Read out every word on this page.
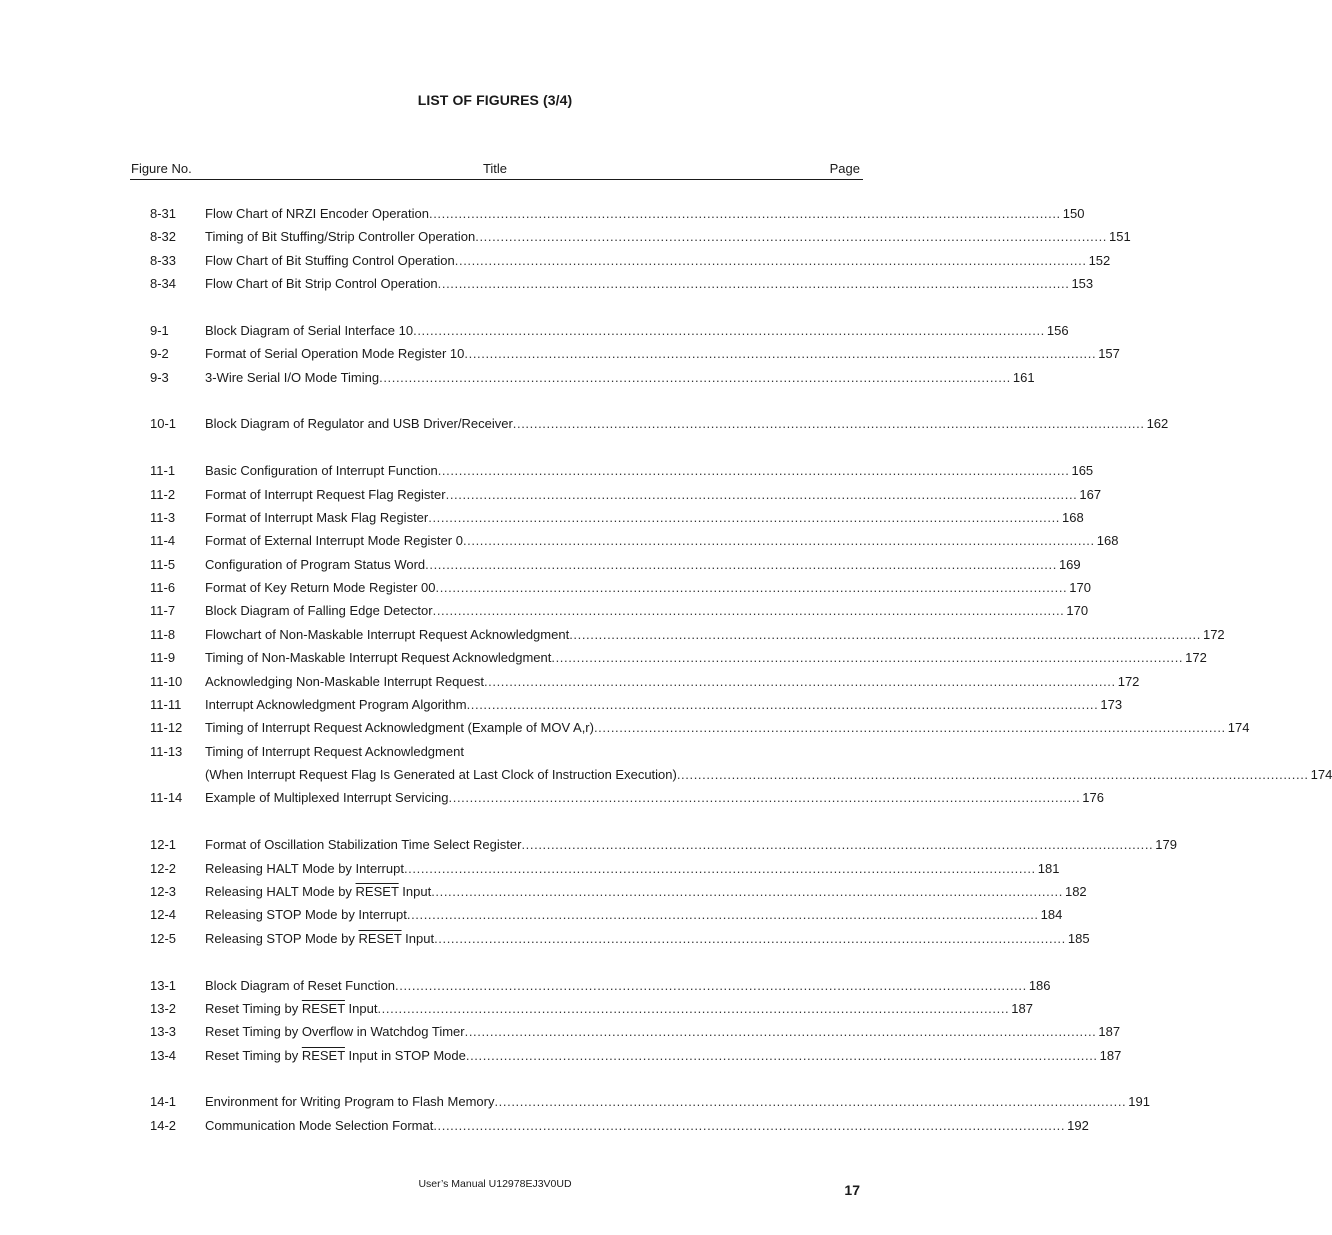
LIST OF FIGURES (3/4)
Figure No.	Title	Page
8-31 Flow Chart of NRZI Encoder Operation ...................................................................................................................................................... 150
8-32 Timing of Bit Stuffing/Strip Controller Operation ...................................................................................................................................................... 151
8-33 Flow Chart of Bit Stuffing Control Operation ...................................................................................................................................................... 152
8-34 Flow Chart of Bit Strip Control Operation ...................................................................................................................................................... 153
9-1	Block Diagram of Serial Interface 10 ...................................................................................................................................................... 156
9-2	Format of Serial Operation Mode Register 10 ...................................................................................................................................................... 157
9-3	3-Wire Serial I/O Mode Timing ...................................................................................................................................................... 161
10-1 Block Diagram of Regulator and USB Driver/Receiver ...................................................................................................................................................... 162
11-1 Basic Configuration of Interrupt Function ...................................................................................................................................................... 165
11-2 Format of Interrupt Request Flag Register ...................................................................................................................................................... 167
11-3 Format of Interrupt Mask Flag Register ...................................................................................................................................................... 168
11-4 Format of External Interrupt Mode Register 0 ...................................................................................................................................................... 168
11-5 Configuration of Program Status Word ...................................................................................................................................................... 169
11-6 Format of Key Return Mode Register 00 ...................................................................................................................................................... 170
11-7 Block Diagram of Falling Edge Detector ...................................................................................................................................................... 170
11-8 Flowchart of Non-Maskable Interrupt Request Acknowledgment ...................................................................................................................................................... 172
11-9 Timing of Non-Maskable Interrupt Request Acknowledgment ...................................................................................................................................................... 172
11-10 Acknowledging Non-Maskable Interrupt Request ...................................................................................................................................................... 172
11-11 Interrupt Acknowledgment Program Algorithm ...................................................................................................................................................... 173
11-12 Timing of Interrupt Request Acknowledgment (Example of MOV A,r) ...................................................................................................................................................... 174
11-13 Timing of Interrupt Request Acknowledgment
(When Interrupt Request Flag Is Generated at Last Clock of Instruction Execution) ...................................................................................................................................................... 174
11-14 Example of Multiplexed Interrupt Servicing ...................................................................................................................................................... 176
12-1 Format of Oscillation Stabilization Time Select Register ...................................................................................................................................................... 179
12-2 Releasing HALT Mode by Interrupt ...................................................................................................................................................... 181
12-3 Releasing HALT Mode by RESET Input ...................................................................................................................................................... 182
12-4 Releasing STOP Mode by Interrupt ...................................................................................................................................................... 184
12-5 Releasing STOP Mode by RESET Input ...................................................................................................................................................... 185
13-1 Block Diagram of Reset Function ...................................................................................................................................................... 186
13-2 Reset Timing by RESET Input ...................................................................................................................................................... 187
13-3 Reset Timing by Overflow in Watchdog Timer ...................................................................................................................................................... 187
13-4 Reset Timing by RESET Input in STOP Mode ...................................................................................................................................................... 187
14-1 Environment for Writing Program to Flash Memory ...................................................................................................................................................... 191
14-2 Communication Mode Selection Format ...................................................................................................................................................... 192
User’s Manual U12978EJ3V0UD	17
